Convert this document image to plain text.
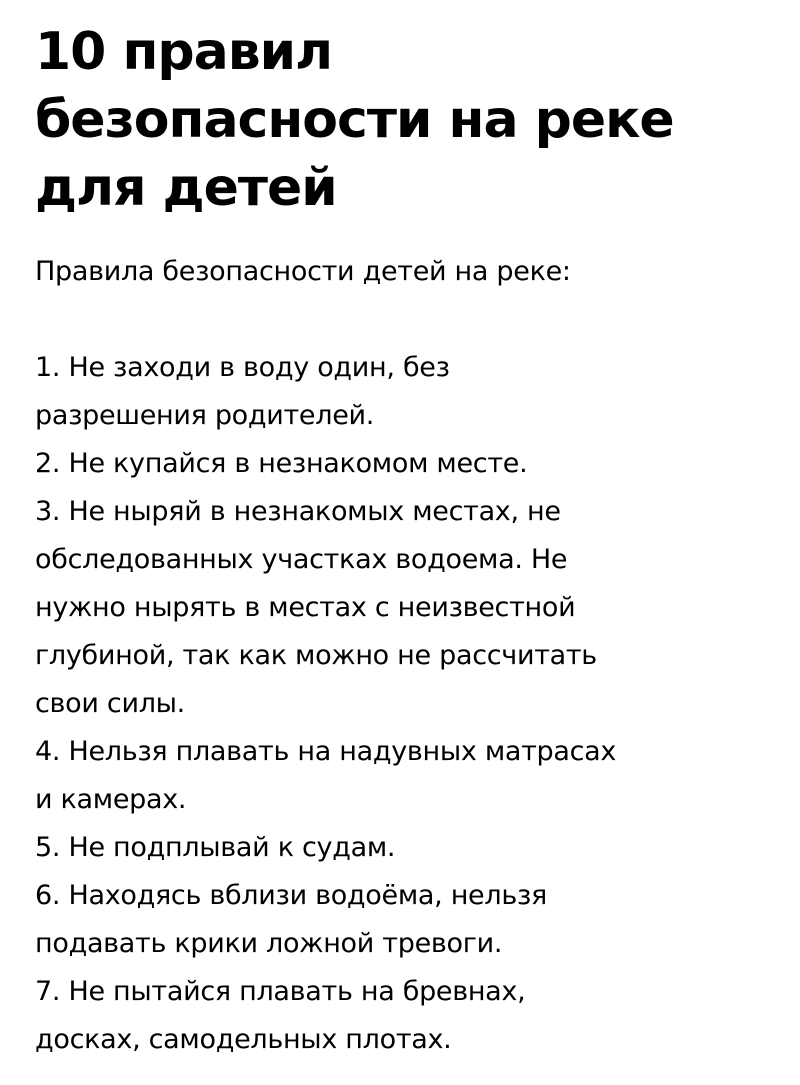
10 правил
безопасности на реке
для детей

Правила безопасности детей на реке:

1. Не заходи в воду один, без
разрешения родителей.
2. Не купайся в незнакомом месте.
3. Не ныряй в незнакомых местах, не
обследованных участках водоема. Не
нужно нырять в местах с неизвестной
глубиной, так как можно не рассчитать
свои силы.
4. Нельзя плавать на надувных матрасах
и камерах.
5. Не подплывай к судам.
6. Находясь вблизи водоёма, нельзя
подавать крики ложной тревоги.
7. Не пытайся плавать на бревнах,
досках, самодельных плотах.
